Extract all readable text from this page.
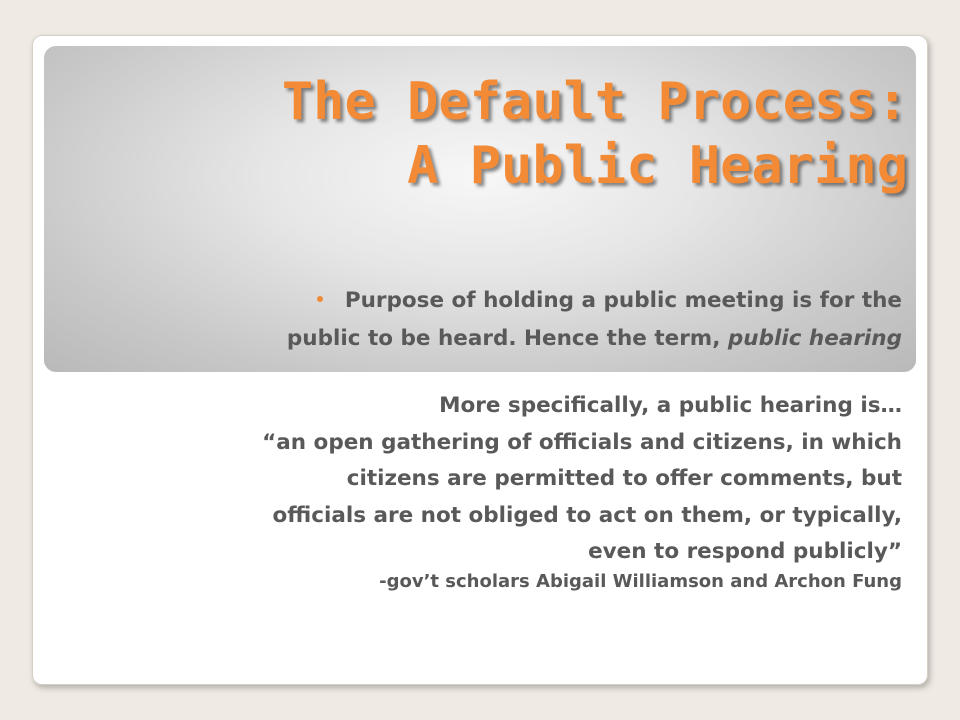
The Default Process:
A Public Hearing
Purpose of holding a public meeting is for the
public to be heard. Hence the term, public hearing
More specifically, a public hearing is…
“an open gathering of officials and citizens, in which
citizens are permitted to offer comments, but
officials are not obliged to act on them, or typically,
even to respond publicly”
-gov’t scholars Abigail Williamson and Archon Fung
